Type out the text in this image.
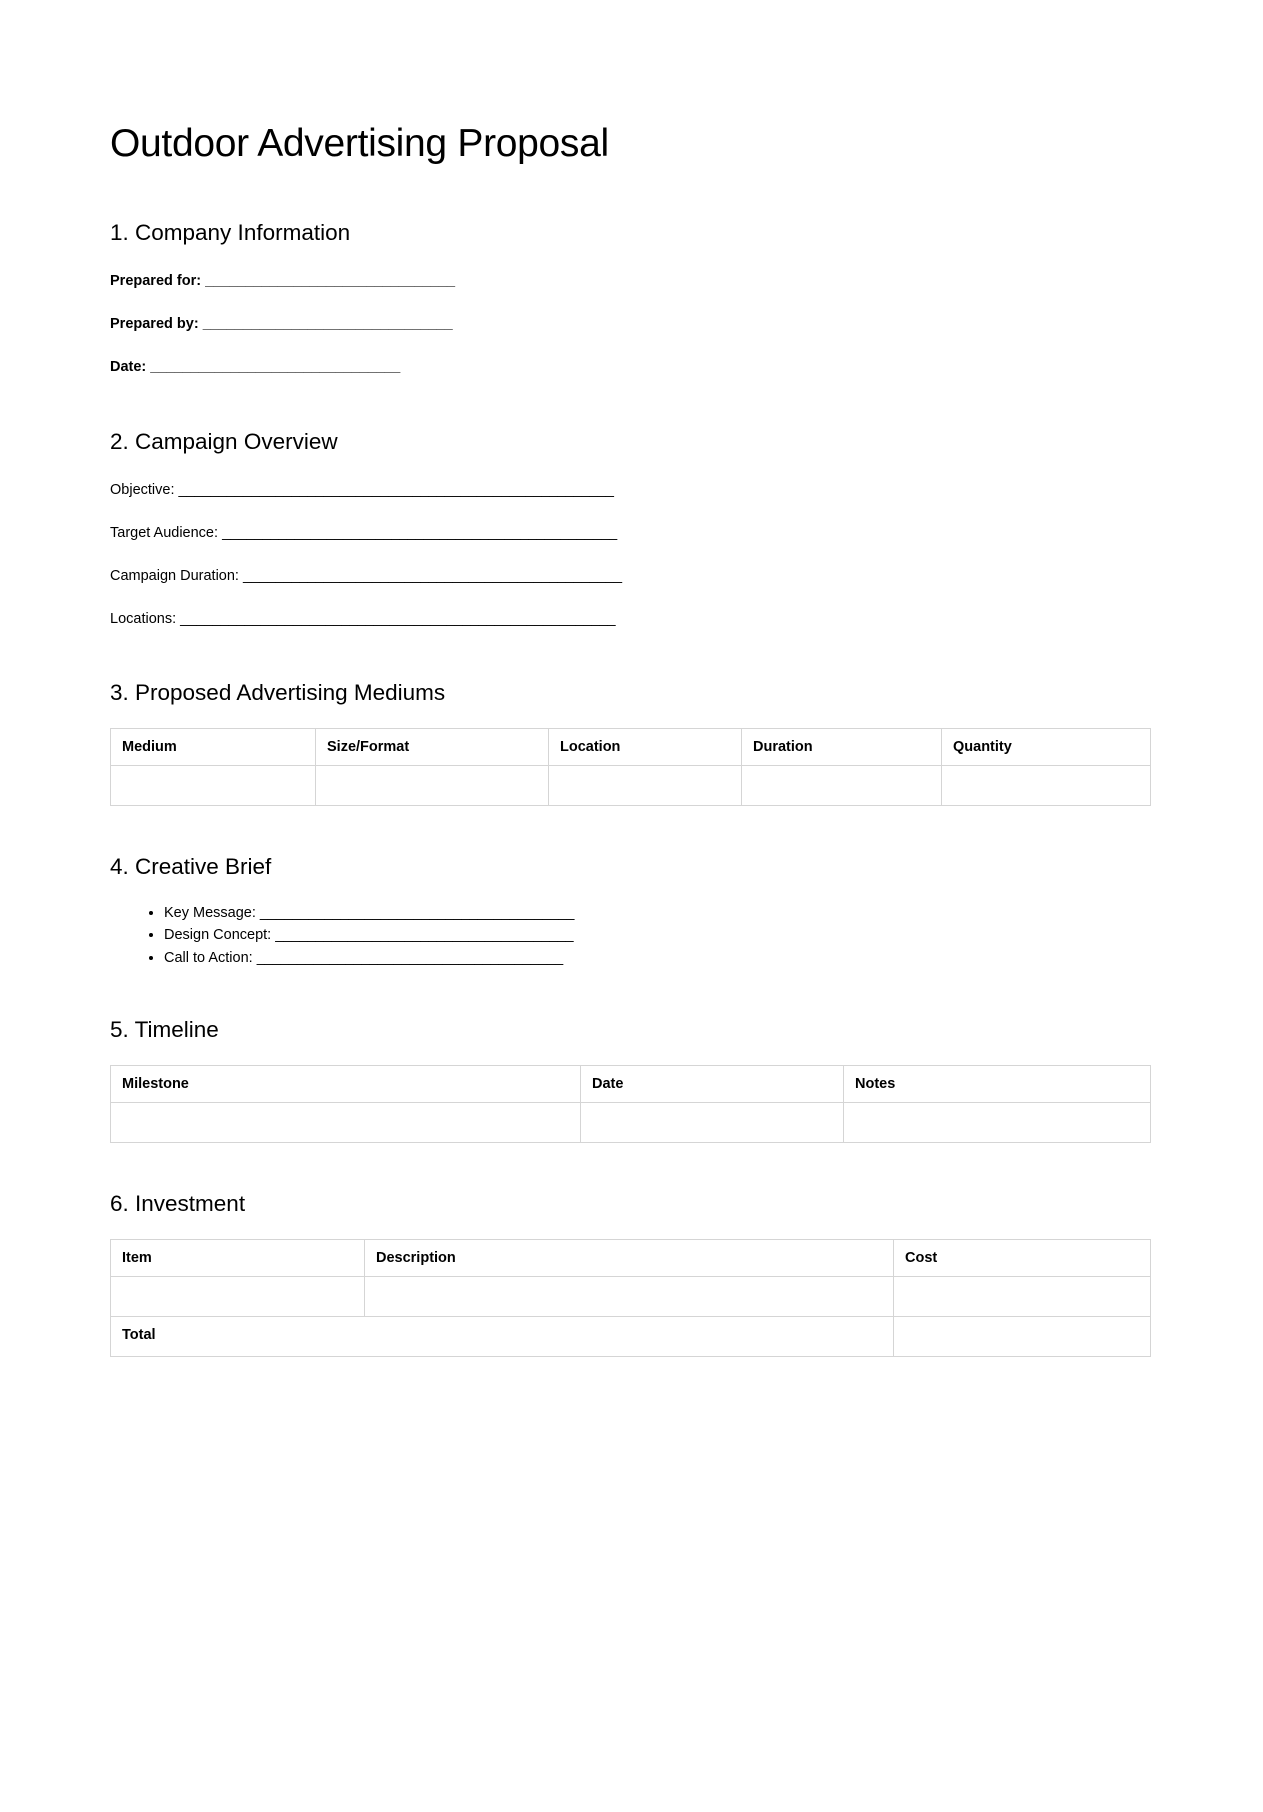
Outdoor Advertising Proposal
1. Company Information

Prepared for: _______________________________

Prepared by: _______________________________

Date: _______________________________

2. Campaign Overview

Objective: ______________________________________________________

Target Audience: _________________________________________________

Campaign Duration: _______________________________________________

Locations: ______________________________________________________

3. Proposed Advertising Mediums
Medium	Size/Format	Location	Duration	Quantity

4. Creative Brief
• Key Message: _______________________________________
• Design Concept: _____________________________________
• Call to Action: ______________________________________
5. Timeline
Milestone	Date	Notes

6. Investment
Item	Description	Cost

Total		
